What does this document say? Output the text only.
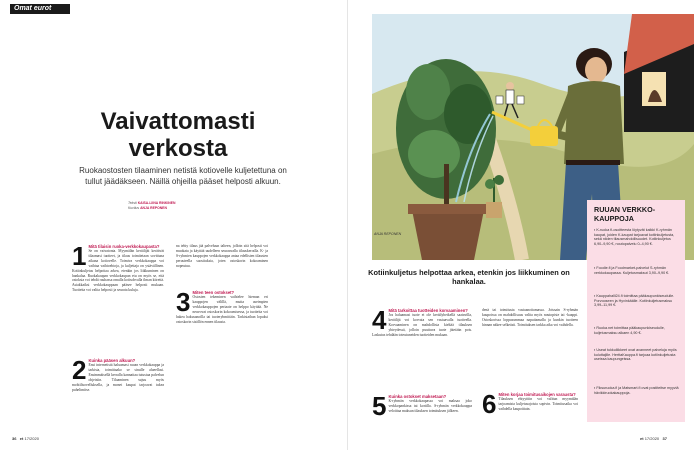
Omat eurot
Vaivattomasti verkosta
Ruokaostosten tilaaminen netistä kotiovelle kuljetettuna on tullut jäädäkseen. Näillä ohjeilla pääset helposti alkuun.
Teksti KAISA-LIINA RINKINEN
Kuvitus ANJA REPONEN
1 Mitä tilaisin ruoka-verkkokaupasta?
Se on vaivatonta. Myymälän keräilijät keräävät tilaamasi tuotteet, ja tilaus toimitetaan sovittuna aikana kotiovelle. Toimiva verkkokauppa voi vaihtaa vaihtoehtoja, ja kuljettaja on ystävällinen. Kotiinkuljetus helpottaa arkea, etenkin jos liikkuminen on hankalaa. Ruokakaupan verkkokaupan etu on myös se, että ostoksia voi tehdä rauhassa omalla kotisohvalla ilman kiirettä. Asiakkaiksi verkkokauppaan pääsee helposti mukaan. Tuotteita voi valita helposti ja seurata kuluja.
2 Kuinka pääsen alkuun?
Ensi internetistä haluamasi ruoan verkkokauppa ja tarkista, toimittaako se sinulle alueellasi. Ensimmäisellä kerralla kannattaa tutustua palvelun ohjeisiin. Tilaaminen sujuu myös mobiilisovelluksella, ja monet kaupat tarjoavat tukea puhelimitse.
na tehty tilaus jää palveluun talteen, jolloin sitä helposti voi muokata ja käyttää uudelleen seuraavalla tilauskerralla. K- ja S-ryhmien kauppojen verkkokauppa antaa edellisten tilausten perusteella suosituksia, joten ostoskorin kokoaminen nopeutuu.
3 Miten teen ostokset?
Ostosten tekeminen vaihtelee hieman eri kauppojen välillä, mutta useimpien verkkokauppojen periaate on helppo käyttää. Ne neuvovat ostoskorin kokoamisessa, ja tuotteita voi hakea hakusanoilla tai tuoteryhmittäin. Tarkistathan lopuksi ostoskorin sisällön ennen tilausta.
36 et 17/2020
ANJA REPONEN
Kotiinkuljetus helpottaa arkea, etenkin jos liikkuminen on hankalaa.
4 Mitä tarkoittaa tuotteiden korvaaminen?
Jos haluamasi tuote ei ole keräilyhetkellä saatavilla, keräilijä voi korvata sen vastaavalla tuotteella. Korvaaminen on mahdollista kieltää tilauksen yhteydessä, jolloin puuttuva tuote jätetään pois. Laskutus tehdään toteutuneiden tuotteiden mukaan.
5 Kuinka ostokset maksetaan?
K-ryhmän verkkokaupassa voi maksaa joko verkkopankissa tai kortilla. S-ryhmän verkkokauppa veloittaa maksun tilauksen toimituksen jälkeen.
denä tai toimitusta vastaanottamassa. Joissain S-ryhmän kaupoissa on mahdollisuus valita myös noutopiste tai -kaappi. Ostoskorissa loppusummaa naputtamalla ja kunkin tuotteen hinnan näkee selkeästi. Toimituksen tarkka aika voi vaihdella.
6 Miten korjaa toimitusaikojen varausta?
Tilauksen ehtyyttiin voi valitun myymälän tarjoamista kuljetusajoista sopivin. Toimitusaika voi vaihdella kaupoittain.
RUUAN VERKKO-KAUPPOJA
▪ K-ruoka fi-osoitteesta löytyvät kaikki K-ryhmän kaupat, joiden K-kaupat tarjoavat kotiinkuljetusta, sekä niiden tilausmahdollisuudet. Kotiinkuljetus 6,90–9,90 €, noutopalvelu 0–4,90 €.
▪ Foodie.fi ja Foodmarket-palvelut S-ryhmän verkkokaupassa. Kuljetusmaksut 3,90–9,90 €.
▪ Kauppahalli24.fi toimittaa pääkaupunkiseudulle. Porvooseen ja Hyvinkäälle. Kotiinkuljetusmaksu 3,99–11,99 €.
▪ Ruoka.net toimittaa pääkaupunkiseudulle, kuljetusmaksu alkaen 4,90 €.
▪ Useat tukkuliikkeet ovat avanneet palveluja myös kuluttajille. HerttaKauppa.fi tarjoaa kotiinkuljetusta useissa kaupungeissa.
▪ Fiksuruoka.fi ja Matsmart.fi ovat postiteitse myyviä hävikkiruokakauppoja.
et 17/2020 37
